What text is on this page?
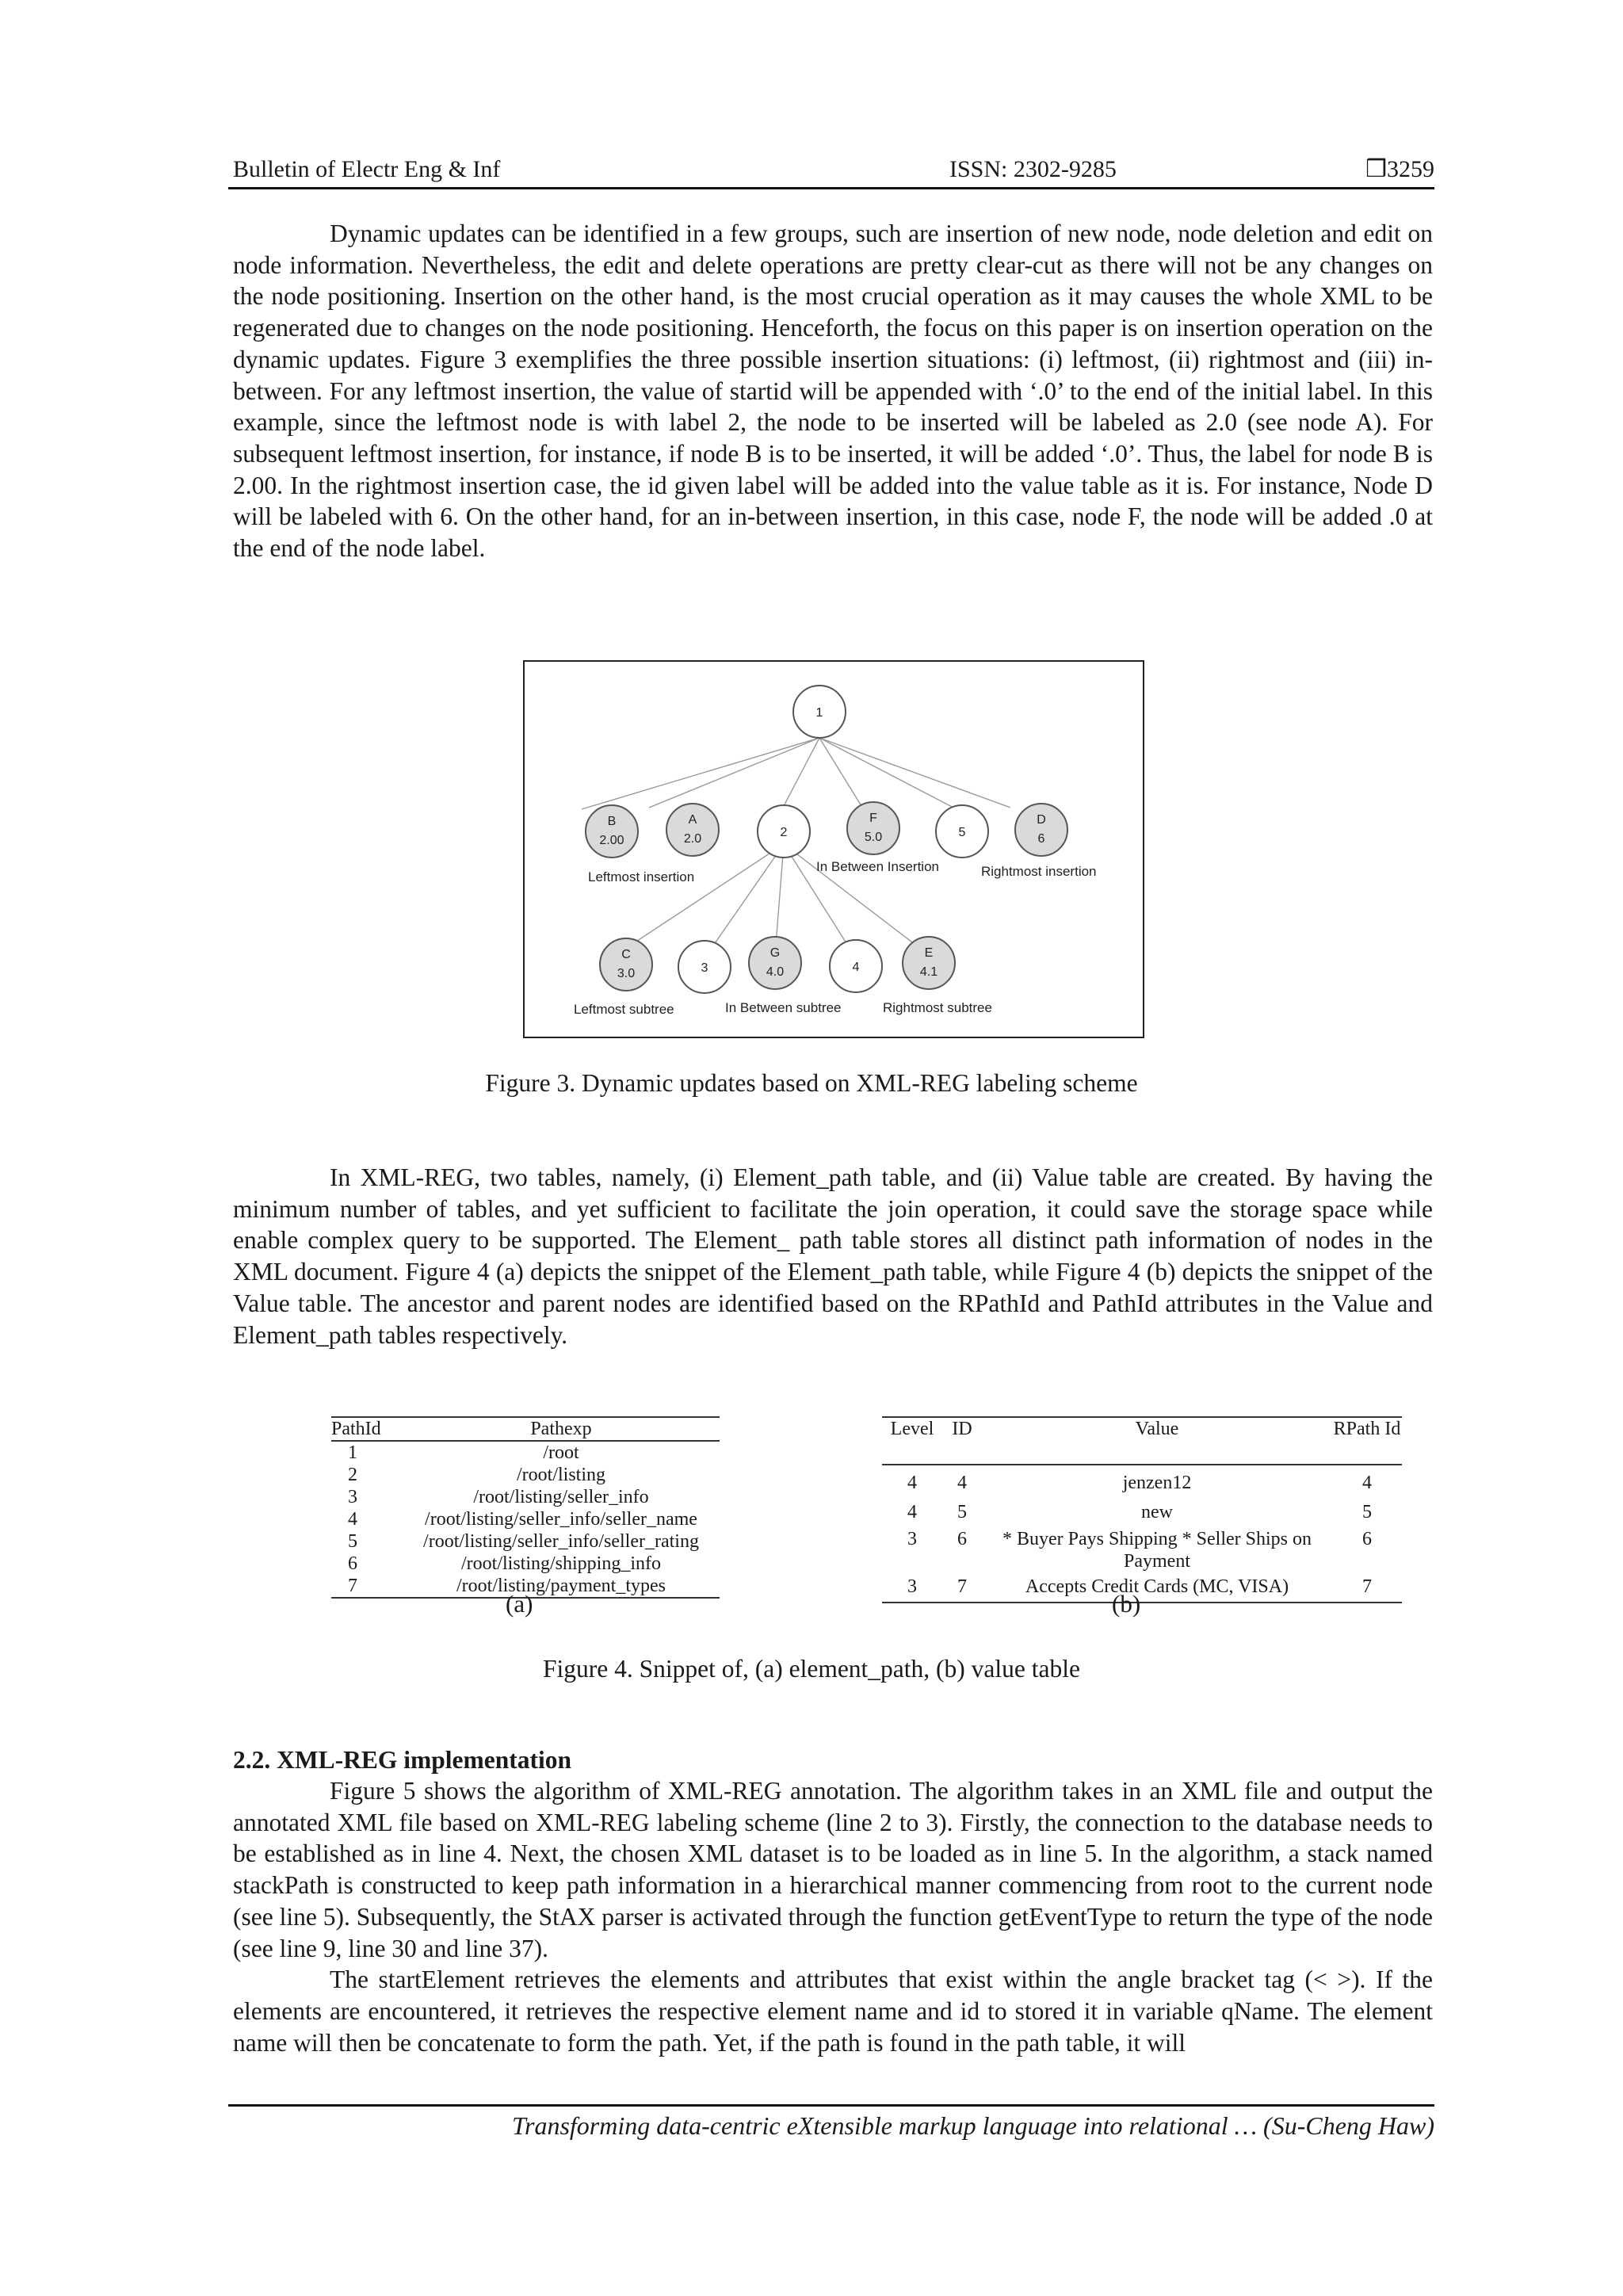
Bulletin of Electr Eng & Inf	ISSN: 2302-9285	❒3259

Dynamic updates can be identified in a few groups, such are insertion of new node, node deletion and edit on node information. Nevertheless, the edit and delete operations are pretty clear-cut as there will not be any changes on the node positioning. Insertion on the other hand, is the most crucial operation as it may causes the whole XML to be regenerated due to changes on the node positioning. Henceforth, the focus on this paper is on insertion operation on the dynamic updates. Figure 3 exemplifies the three possible insertion situations: (i) leftmost, (ii) rightmost and (iii) in-between. For any leftmost insertion, the value of startid will be appended with ‘.0’ to the end of the initial label. In this example, since the leftmost node is with label 2, the node to be inserted will be labeled as 2.0 (see node A). For subsequent leftmost insertion, for instance, if node B is to be inserted, it will be added ‘.0’. Thus, the label for node B is 2.00. In the rightmost insertion case, the id given label will be added into the value table as it is. For instance, Node D will be labeled with 6. On the other hand, for an in-between insertion, in this case, node F, the node will be added .0 at the end of the node label.

1
B
2.00
A
2.0	2
F
5.0	5
D
6
C
3.0	3
G
4.0	4
E
4.1
Leftmost insertion
In Between Insertion	Rightmost insertion
Leftmost subtree	In Between subtree	Rightmost subtree
Figure 3. Dynamic updates based on XML-REG labeling scheme

In XML-REG, two tables, namely, (i) Element_path table, and (ii) Value table are created. By having the minimum number of tables, and yet sufficient to facilitate the join operation, it could save the storage space while enable complex query to be supported. The Element_ path table stores all distinct path information of nodes in the XML document. Figure 4 (a) depicts the snippet of the Element_path table, while Figure 4 (b) depicts the snippet of the Value table. The ancestor and parent nodes are identified based on the RPathId and PathId attributes in the Value and Element_path tables respectively.

PathId	Pathexp
1	/root
2	/root/listing
3	/root/listing/seller_info
4	/root/listing/seller_info/seller_name
5	/root/listing/seller_info/seller_rating
6	/root/listing/shipping_info
7	/root/listing/payment_types
(a)
Level	ID	Value	RPath Id
4	4	jenzen12	4
4	5	new	5
3	6	* Buyer Pays Shipping * Seller Ships on Payment	6
3	7	Accepts Credit Cards (MC, VISA)	7
(b)
Figure 4. Snippet of, (a) element_path, (b) value table
2.2. XML-REG implementation

Figure 5 shows the algorithm of XML-REG annotation. The algorithm takes in an XML file and output the annotated XML file based on XML-REG labeling scheme (line 2 to 3). Firstly, the connection to the database needs to be established as in line 4. Next, the chosen XML dataset is to be loaded as in line 5. In the algorithm, a stack named stackPath is constructed to keep path information in a hierarchical manner commencing from root to the current node (see line 5). Subsequently, the StAX parser is activated through the function getEventType to return the type of the node (see line 9, line 30 and line 37).

The startElement retrieves the elements and attributes that exist within the angle bracket tag (< >). If the elements are encountered, it retrieves the respective element name and id to stored it in variable qName. The element name will then be concatenate to form the path. Yet, if the path is found in the path table, it will

Transforming data-centric eXtensible markup language into relational … (Su-Cheng Haw)
